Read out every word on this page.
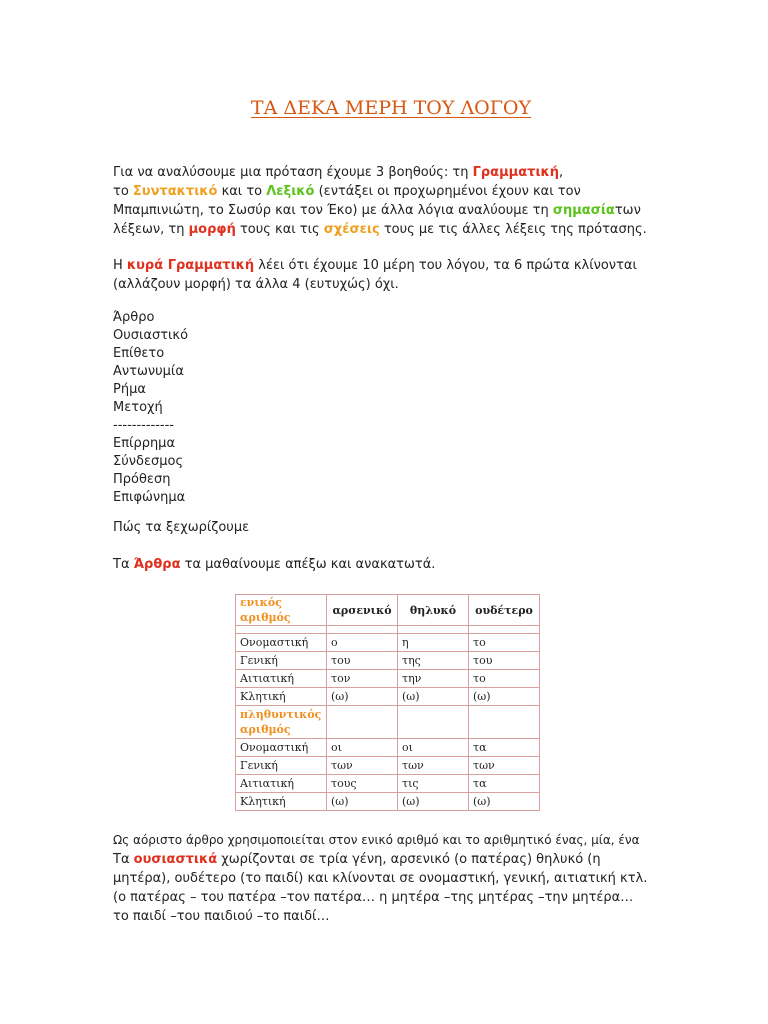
ΤΑ ΔΕΚΑ ΜΕΡΗ ΤΟΥ ΛΟΓΟΥ
Για να αναλύσουμε μια πρόταση έχουμε 3 βοηθούς: τη Γραμματική,
το Συντακτικό και το Λεξικό (εντάξει οι προχωρημένοι έχουν και τον
Μπαμπινιώτη, το Σωσύρ και τον Έκο) με άλλα λόγια αναλύουμε τη σημασίατων
λέξεων, τη μορφή τους και τις σχέσεις τους με τις άλλες λέξεις της πρότασης.
Η κυρά Γραμματική λέει ότι έχουμε 10 μέρη του λόγου, τα 6 πρώτα κλίνονται
(αλλάζουν μορφή) τα άλλα 4 (ευτυχώς) όχι.
Άρθρο
Ουσιαστικό
Επίθετο
Αντωνυμία
Ρήμα
Μετοχή
-------------
Επίρρημα
Σύνδεσμος
Πρόθεση
Επιφώνημα
Πώς τα ξεχωρίζουμε
Τα Άρθρα τα μαθαίνουμε απέξω και ανακατωτά.
ενικός αριθμός	αρσενικό	θηλυκό	ουδέτερο

Ονομαστική	ο	η	το
Γενική	του	της	του
Αιτιατική	τον	την	το
Κλητική	(ω)	(ω)	(ω)
πληθυντικός αριθμός			
Ονομαστική	οι	οι	τα
Γενική	των	των	των
Αιτιατική	τους	τις	τα
Κλητική	(ω)	(ω)	(ω)
Ως αόριστο άρθρο χρησιμοποιείται στον ενικό αριθμό και το αριθμητικό ένας, μία, ένα
Τα ουσιαστικά χωρίζονται σε τρία γένη, αρσενικό (ο πατέρας) θηλυκό (η
μητέρα), ουδέτερο (το παιδί) και κλίνονται σε ονομαστική, γενική, αιτιατική κτλ.
(ο πατέρας – του πατέρα –τον πατέρα… η μητέρα –της μητέρας –την μητέρα…
το παιδί –του παιδιού –το παιδί…
